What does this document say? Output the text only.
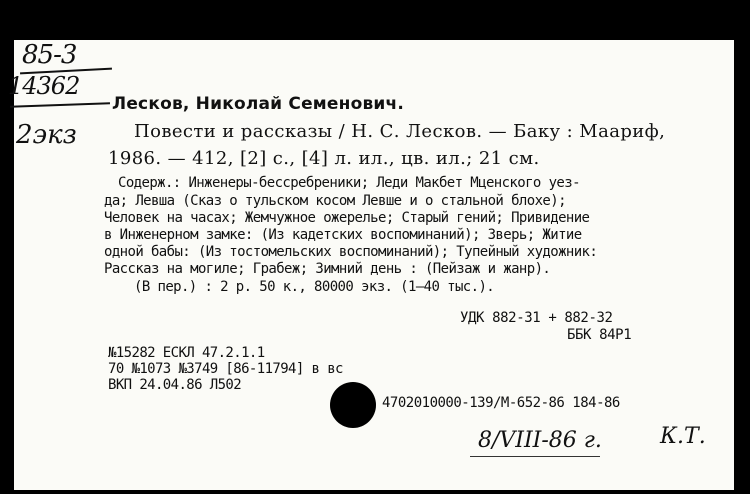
85-3
14362
2экз
Лесков, Николай Семенович.
Повести и рассказы / Н. С. Лесков. — Баку : Маариф,
1986. — 412, [2] с., [4] л. ил., цв. ил.; 21 см.
Содерж.: Инженеры-бессребреники; Леди Макбет Мценского уез-
да; Левша (Сказ о тульском косом Левше и о стальной блохе);
Человек на часах; Жемчужное ожерелье; Старый гений; Привидение
в Инженерном замке: (Из кадетских воспоминаний); Зверь; Житие
одной бабы: (Из тостомельских воспоминаний); Тупейный художник:
Рассказ на могиле; Грабеж; Зимний день : (Пейзаж и жанр).
(В пер.) : 2 р. 50 к., 80000 экз. (1—40 тыс.).
УДК 882-31 + 882-32
ББК 84Р1
№15282 ЕСКЛ 47.2.1.1
70 №1073 №3749 [86-11794] в вс
ВКП 24.04.86 Л502
4702010000-139/М-652-86 184-86
8/VIII-86 г.	К.Т.
